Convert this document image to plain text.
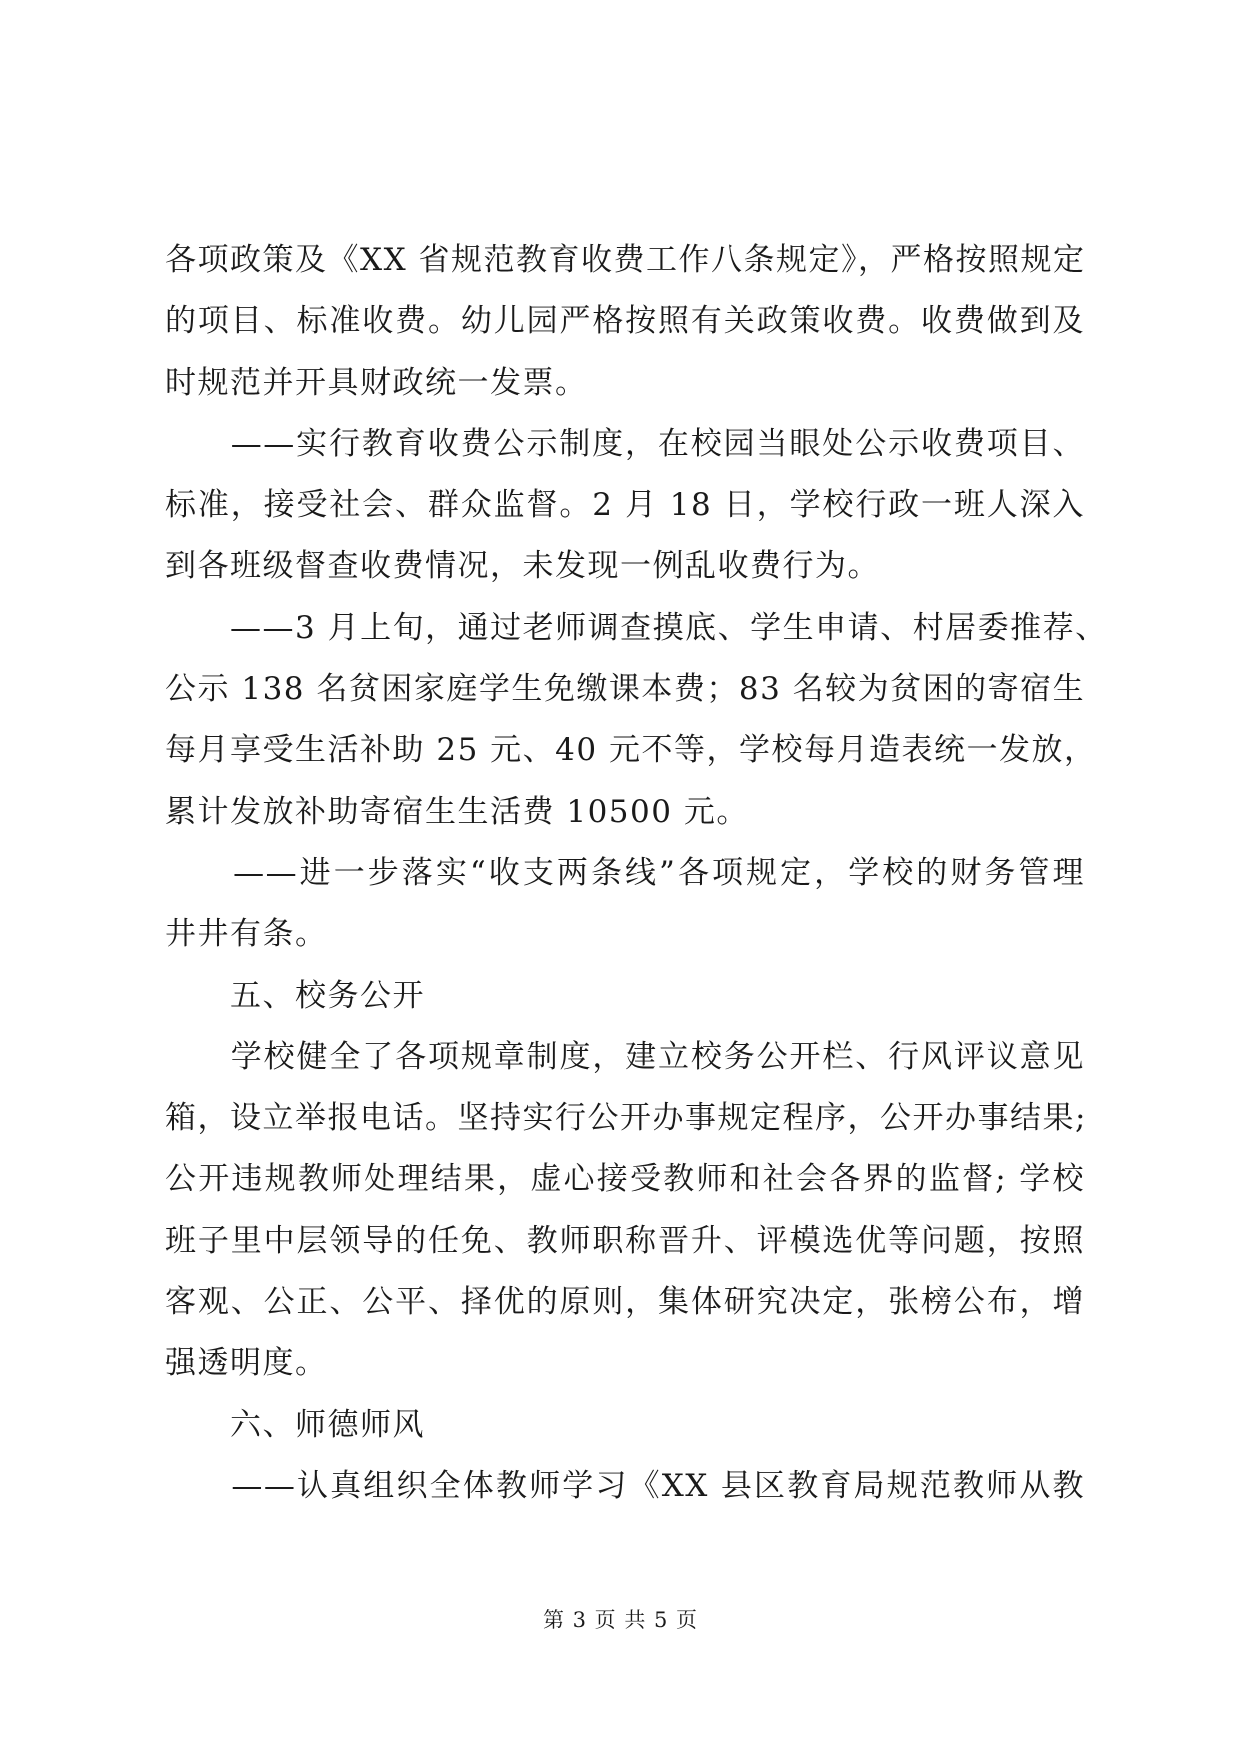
各项政策及《XX 省规范教育收费工作八条规定》，严格按照规定

的项目、标准收费。幼儿园严格按照有关政策收费。收费做到及

时规范并开具财政统一发票。

　　——实行教育收费公示制度，在校园当眼处公示收费项目、

标准，接受社会、群众监督。2 月 18 日，学校行政一班人深入

到各班级督查收费情况，未发现一例乱收费行为。

　　——3 月上旬，通过老师调查摸底、学生申请、村居委推荐、

公示 138 名贫困家庭学生免缴课本费；83 名较为贫困的寄宿生

每月享受生活补助 25 元、40 元不等，学校每月造表统一发放，

累计发放补助寄宿生生活费 10500 元。

　　——进一步落实“收支两条线”各项规定，学校的财务管理

井井有条。

　　五、校务公开

　　学校健全了各项规章制度，建立校务公开栏、行风评议意见

箱，设立举报电话。坚持实行公开办事规定程序，公开办事结果;

公开违规教师处理结果，虚心接受教师和社会各界的监督; 学校

班子里中层领导的任免、教师职称晋升、评模选优等问题，按照

客观、公正、公平、择优的原则，集体研究决定，张榜公布，增

强透明度。

　　六、师德师风

　　——认真组织全体教师学习《XX 县区教育局规范教师从教

第 3 页 共 5 页
